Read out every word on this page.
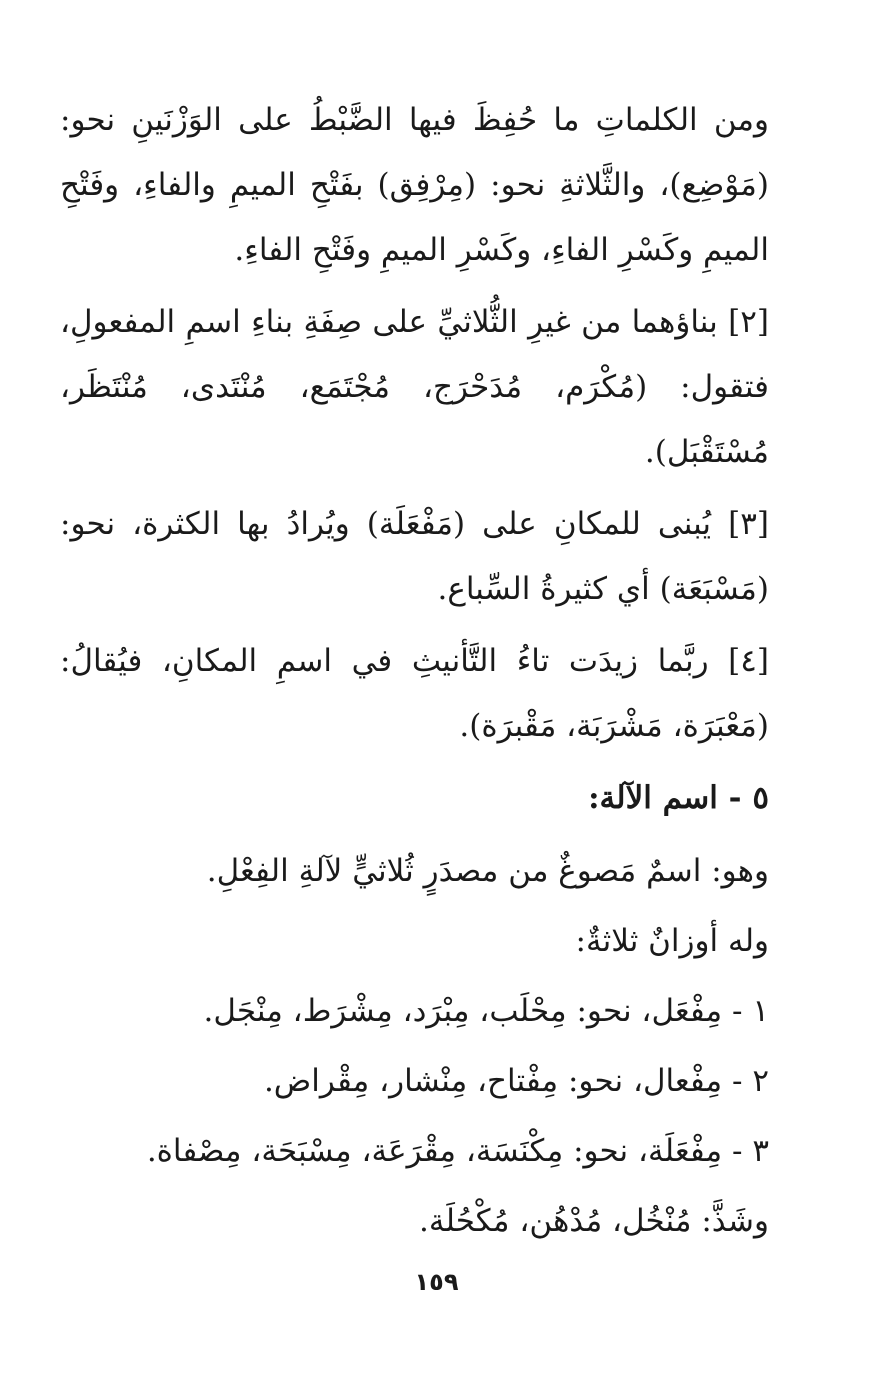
ومن الكلماتِ ما حُفِظَ فيها الضَّبْطُ على الوَزْنَينِ نحو: (مَوْضِع)، والثَّلاثةِ نحو: (مِرْفِق) بفَتْحِ الميمِ والفاءِ، وفَتْحِ الميمِ وكَسْرِ الفاءِ، وكَسْرِ الميمِ وفَتْحِ الفاءِ.

[٢] بناؤهما من غيرِ الثُّلاثيِّ على صِفَةِ بناءِ اسمِ المفعولِ، فتقول: (مُكْرَم، مُدَحْرَج، مُجْتَمَع، مُنْتَدى، مُنْتَظَر، مُسْتَقْبَل).

[٣] يُبنى للمكانِ على (مَفْعَلَة) ويُرادُ بها الكثرة، نحو: (مَسْبَعَة) أي كثيرةُ السِّباع.

[٤] ربَّما زيدَت تاءُ التَّأنيثِ في اسمِ المكانِ، فيُقالُ: (مَعْبَرَة، مَشْرَبَة، مَقْبرَة).

٥ - اسم الآلة:

وهو: اسمٌ مَصوغٌ من مصدَرٍ ثُلاثيٍّ لآلةِ الفِعْلِ.

وله أوزانٌ ثلاثةٌ:

١ - مِفْعَل، نحو: مِحْلَب، مِبْرَد، مِشْرَط، مِنْجَل.

٢ - مِفْعال، نحو: مِفْتاح، مِنْشار، مِقْراض.

٣ - مِفْعَلَة، نحو: مِكْنَسَة، مِقْرَعَة، مِسْبَحَة، مِصْفاة.

وشَذَّ: مُنْخُل، مُدْهُن، مُكْحُلَة.

١٥٩
